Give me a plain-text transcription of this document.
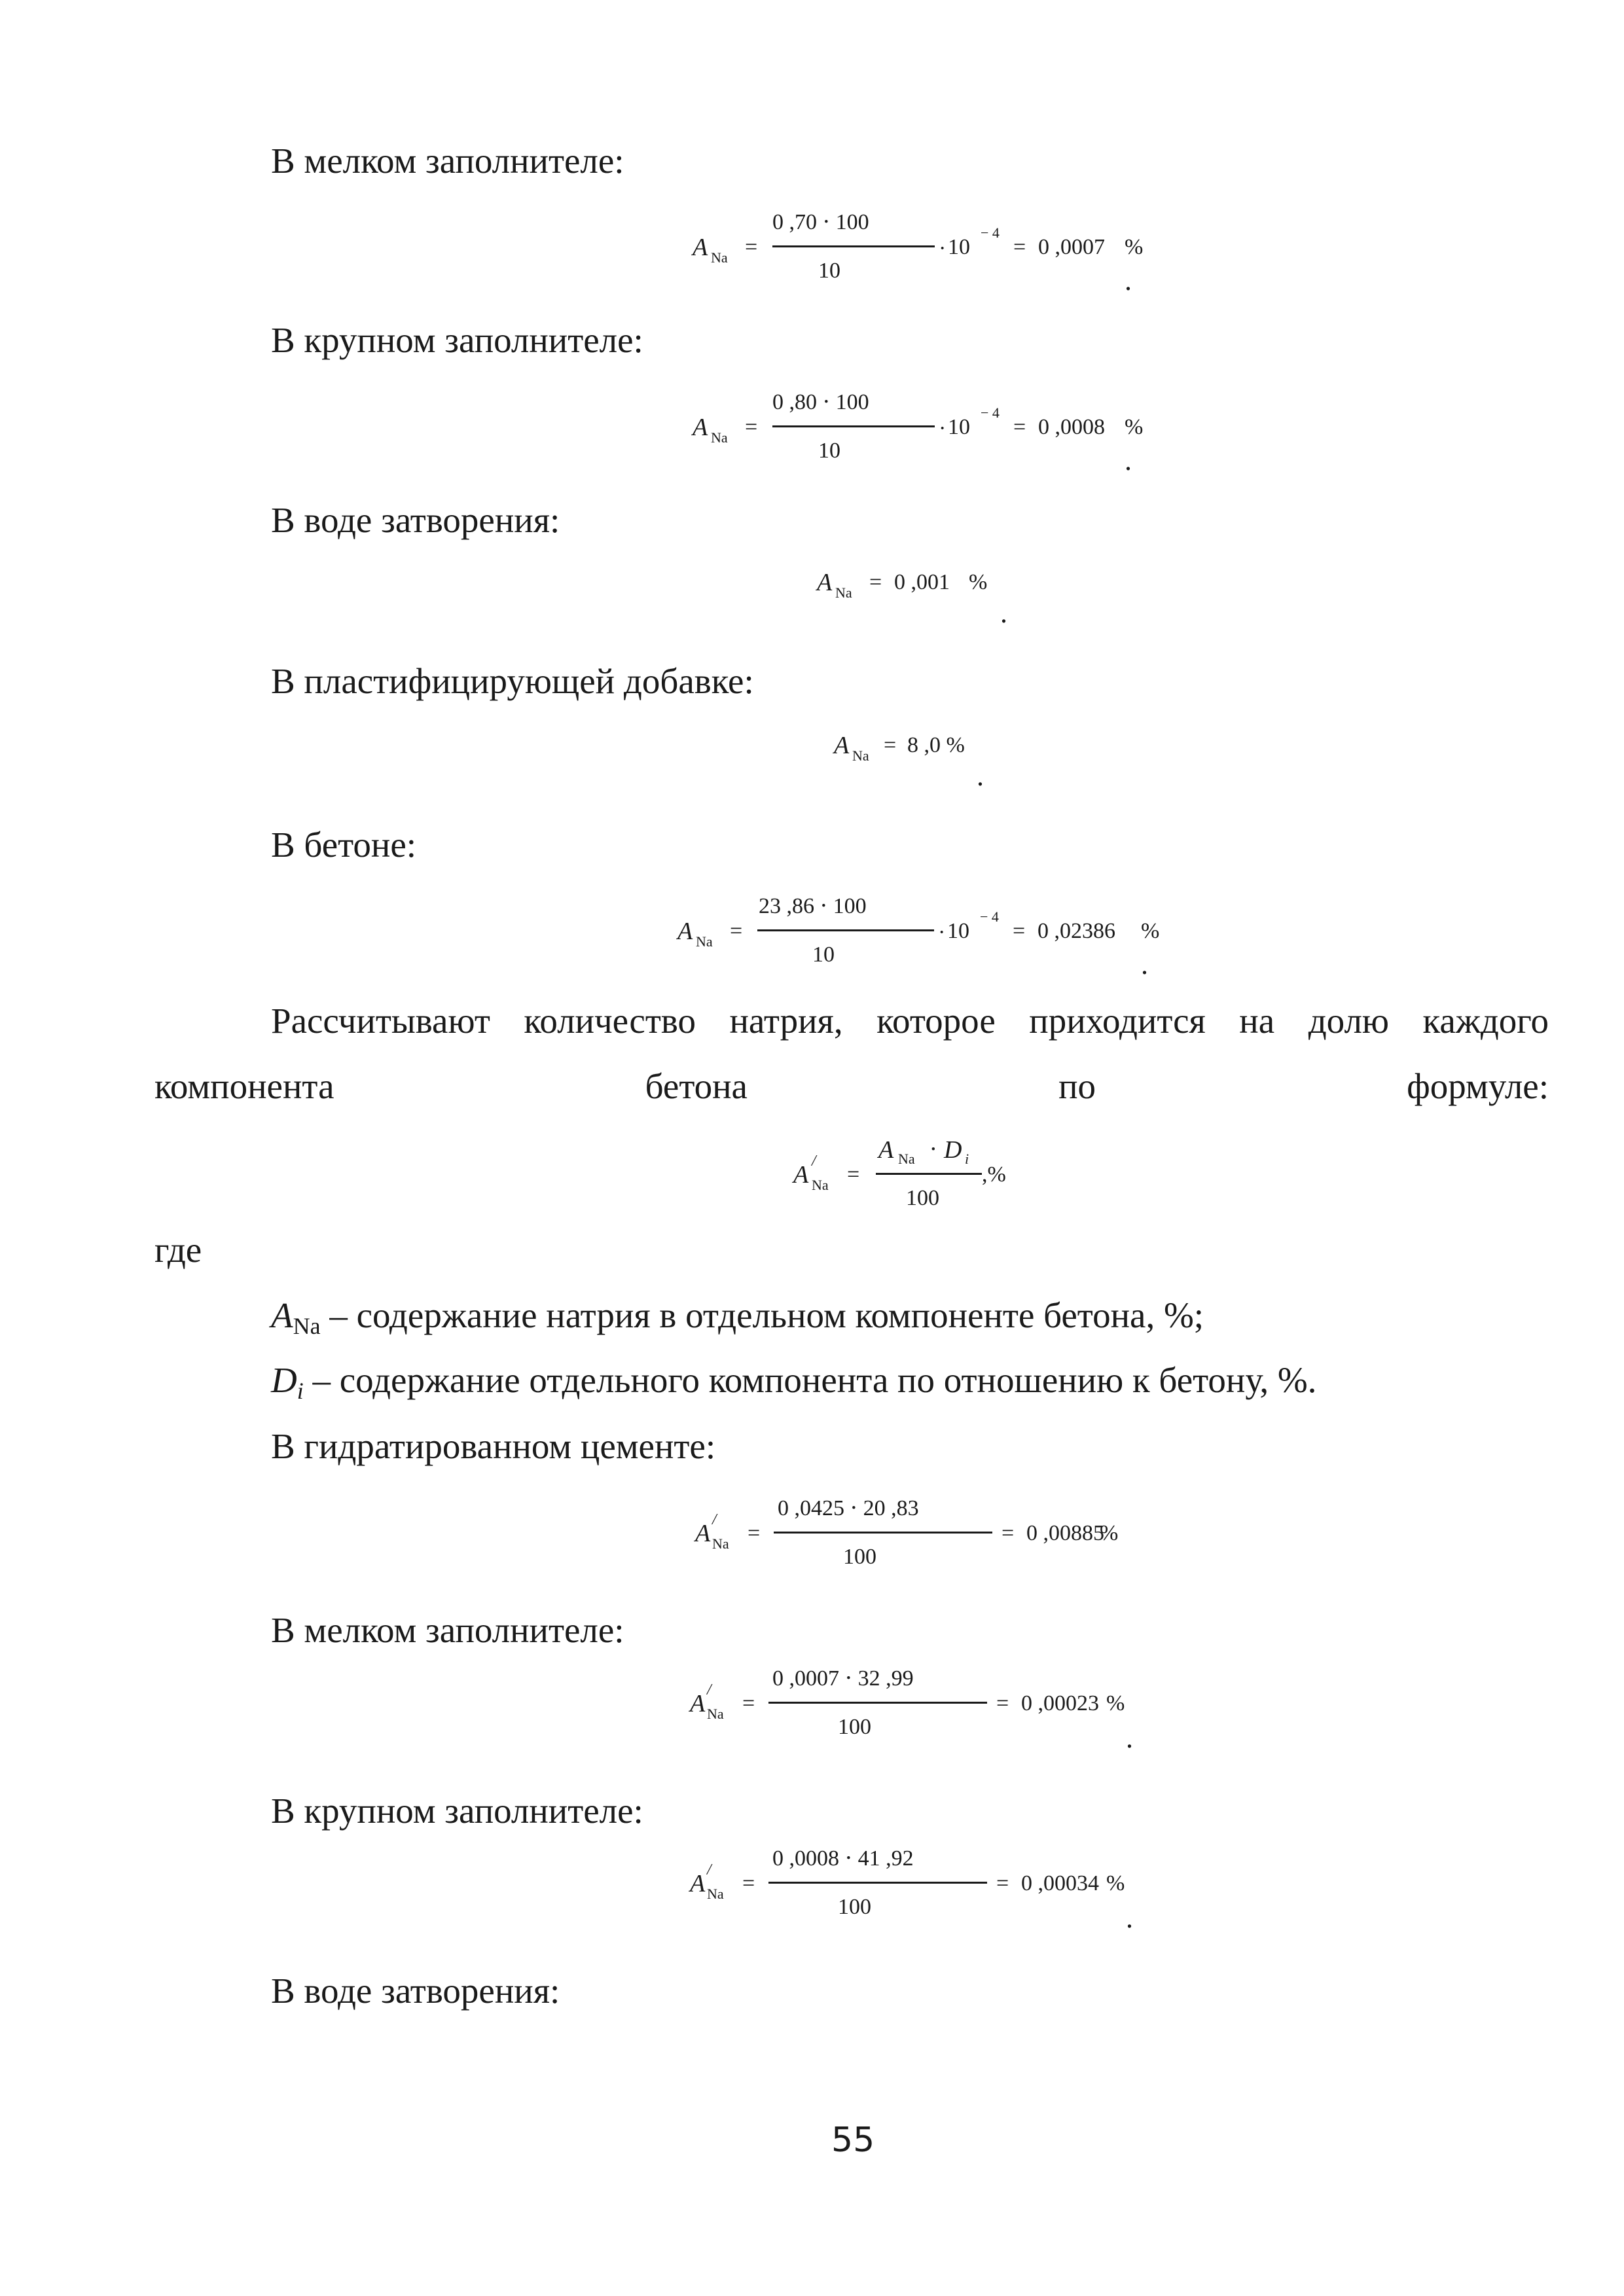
В мелком заполнителе:
В крупном заполнителе:
В воде затворения:
В пластифицирующей добавке:
В бетоне:
A Na =
0 ,70 ⋅ 100
10
· 10
− 4
= 0 ,0007 %
.
A Na =
0 ,80 ⋅ 100
10
· 10
− 4
= 0 ,0008 %
.
A Na = 0 ,001 %
.
A Na = 8 ,0 %
.
A Na =
23 ,86 ⋅ 100
10
· 10
− 4
= 0 ,02386 %
.
Рассчитывают количество натрия, которое приходится на долю каждого компонента бетона по формуле:
A /
Na =
A Na ⋅ D i
100
,%
где
$A_{Na}$ – содержание натрия в отдельном компоненте бетона, %;
$D_i$ – содержание отдельного компонента по отношению к бетону, %.
В гидратированном цементе:
A /
Na =
0 ,0425 ⋅ 20 ,83
100
= 0 ,00885
%
В мелком заполнителе:
A /
Na =
0 ,0007 ⋅ 32 ,99
100
= 0 ,00023 %
.
В крупном заполнителе:
A /
Na =
0 ,0008 ⋅ 41 ,92
100
= 0 ,00034 %
.
В воде затворения:
55
